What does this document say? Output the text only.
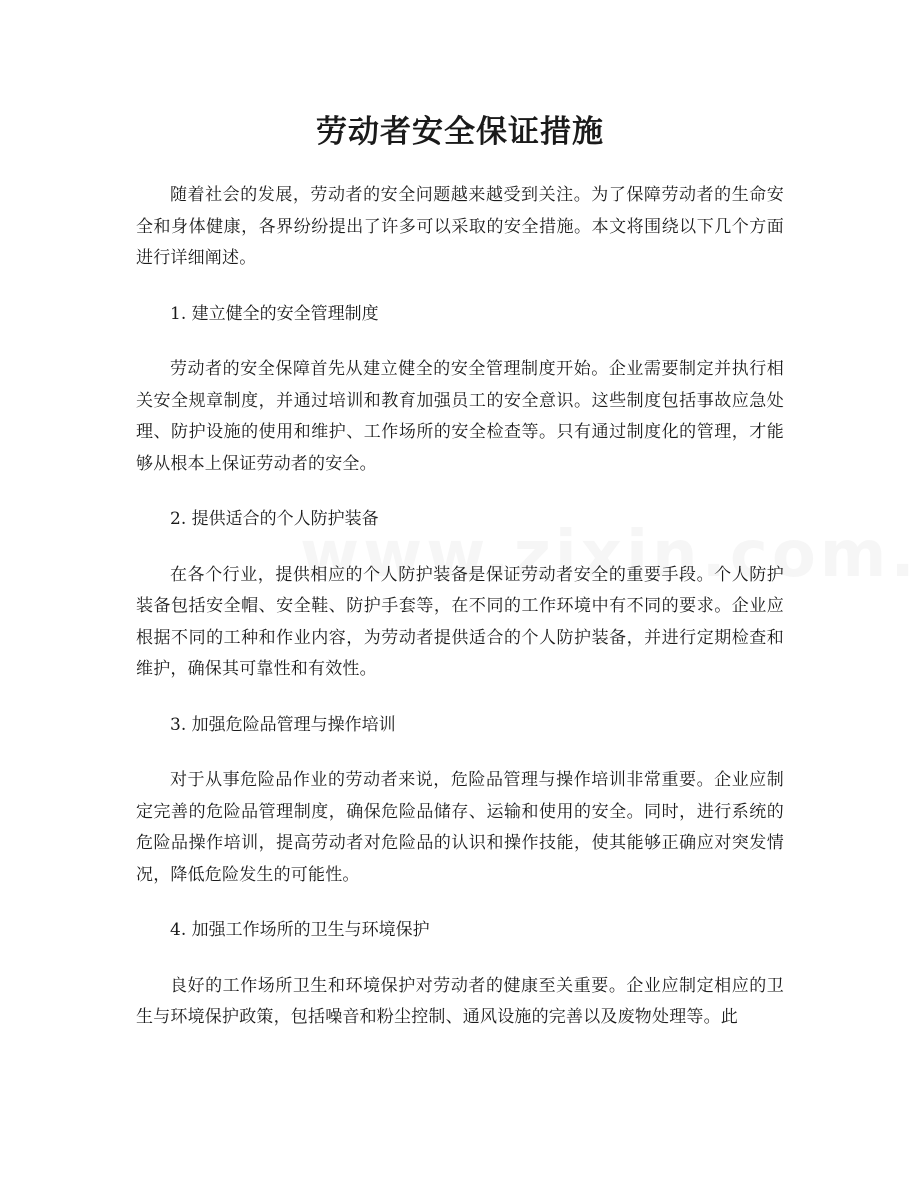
劳动者安全保证措施

随着社会的发展，劳动者的安全问题越来越受到关注。为了保障劳动者的生命安全和身体健康，各界纷纷提出了许多可以采取的安全措施。本文将围绕以下几个方面进行详细阐述。

1. 建立健全的安全管理制度

劳动者的安全保障首先从建立健全的安全管理制度开始。企业需要制定并执行相关安全规章制度，并通过培训和教育加强员工的安全意识。这些制度包括事故应急处理、防护设施的使用和维护、工作场所的安全检查等。只有通过制度化的管理，才能够从根本上保证劳动者的安全。

2. 提供适合的个人防护装备

在各个行业，提供相应的个人防护装备是保证劳动者安全的重要手段。个人防护装备包括安全帽、安全鞋、防护手套等，在不同的工作环境中有不同的要求。企业应根据不同的工种和作业内容，为劳动者提供适合的个人防护装备，并进行定期检查和维护，确保其可靠性和有效性。

3. 加强危险品管理与操作培训

对于从事危险品作业的劳动者来说，危险品管理与操作培训非常重要。企业应制定完善的危险品管理制度，确保危险品储存、运输和使用的安全。同时，进行系统的危险品操作培训，提高劳动者对危险品的认识和操作技能，使其能够正确应对突发情况，降低危险发生的可能性。

4. 加强工作场所的卫生与环境保护

良好的工作场所卫生和环境保护对劳动者的健康至关重要。企业应制定相应的卫生与环境保护政策，包括噪音和粉尘控制、通风设施的完善以及废物处理等。此
